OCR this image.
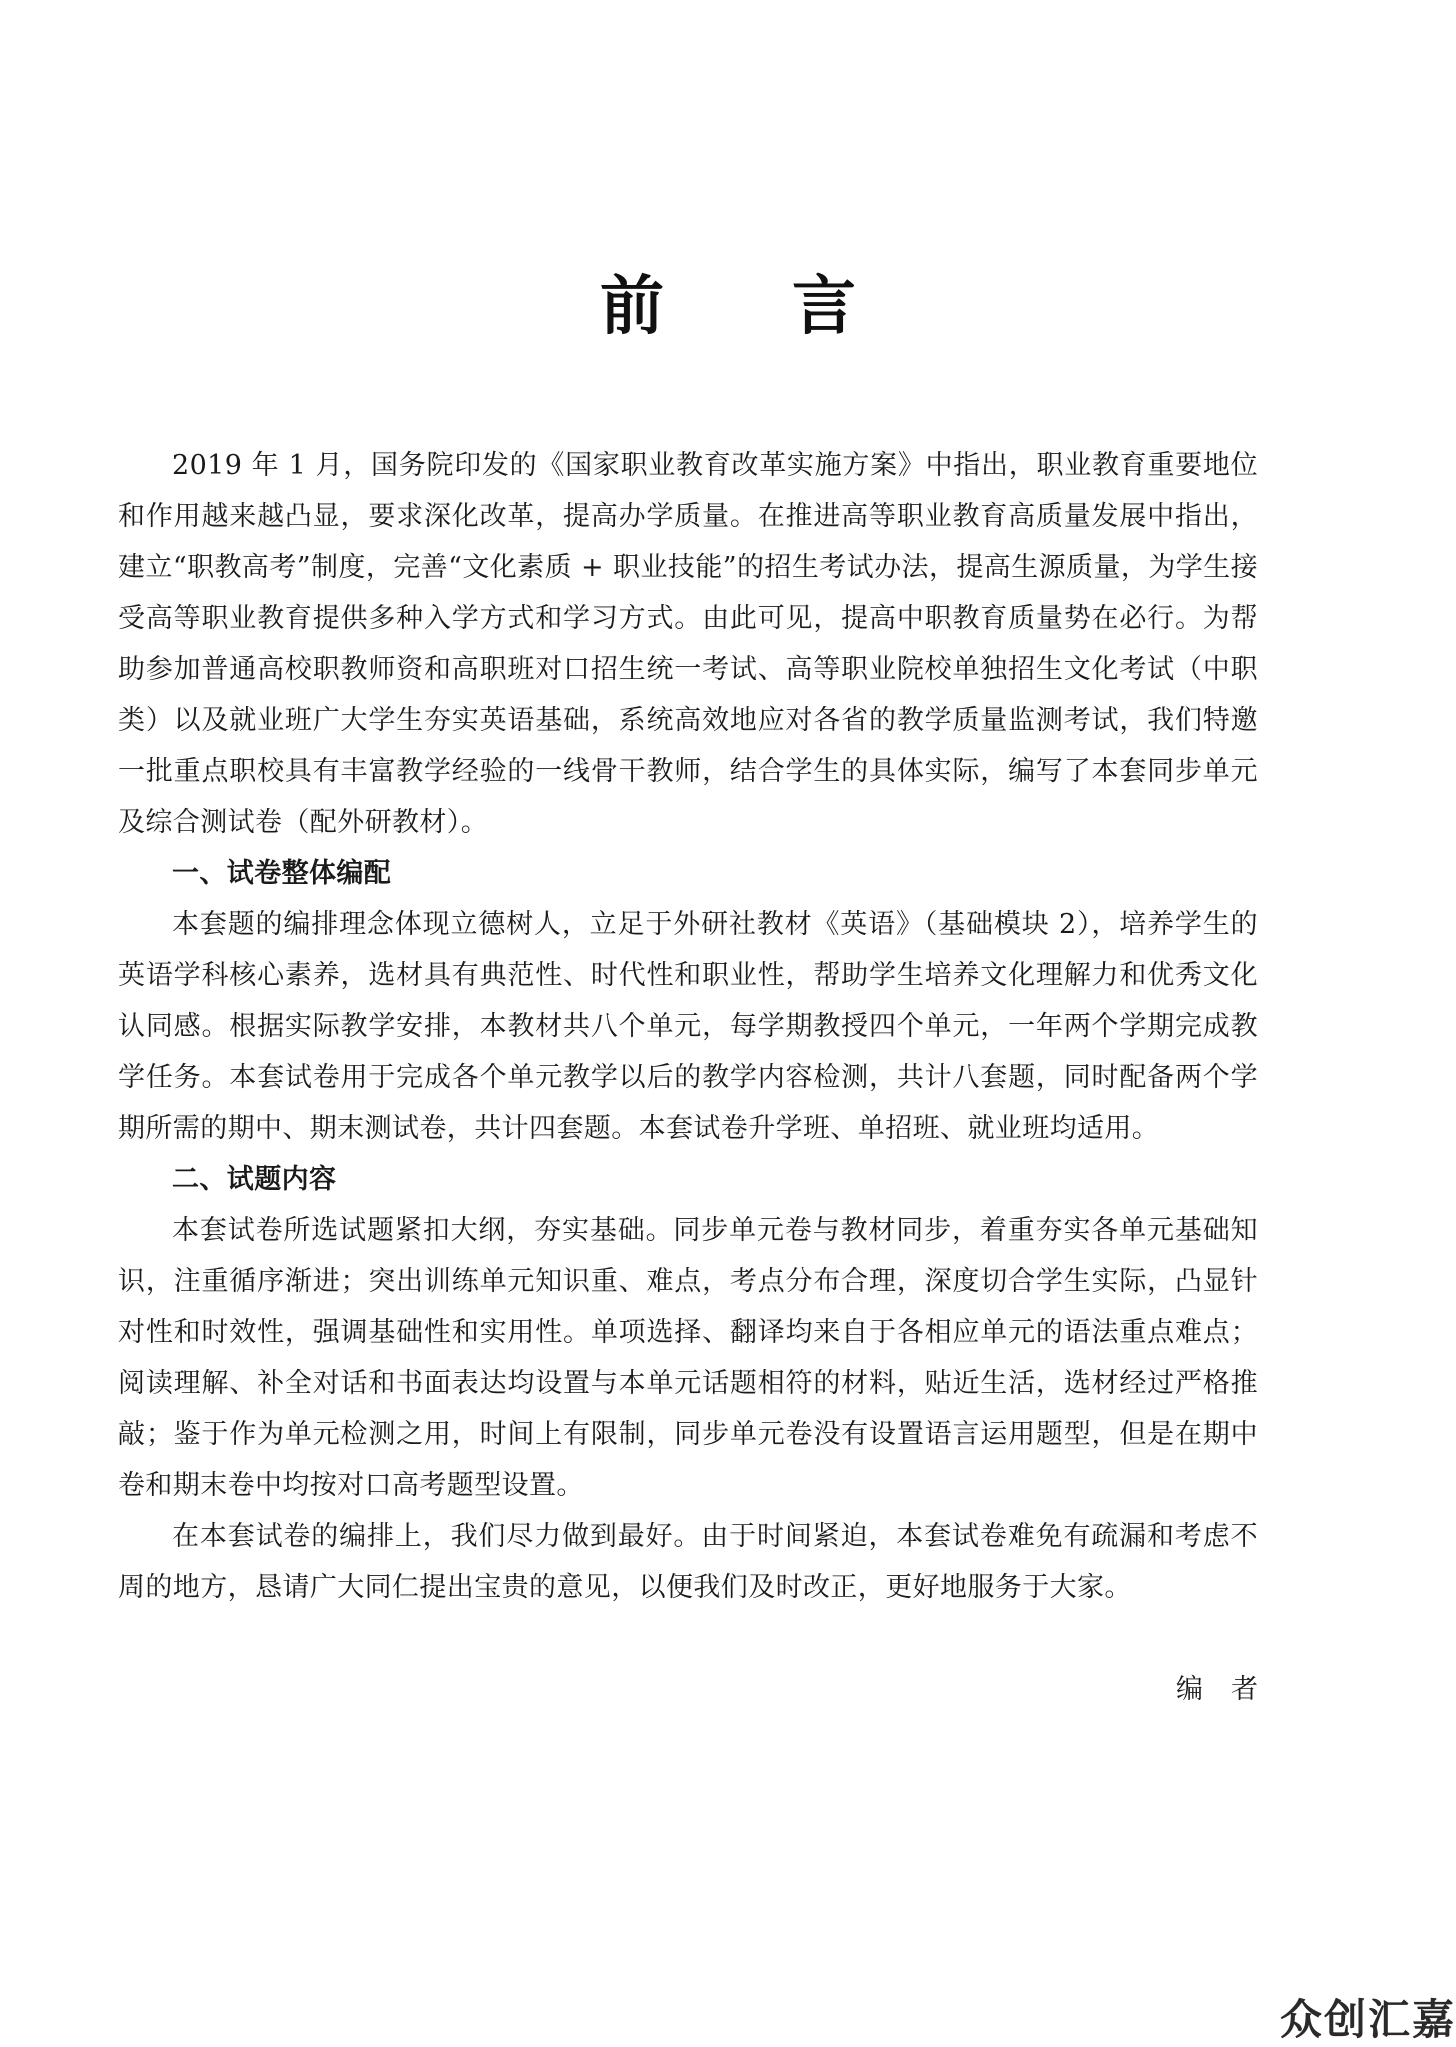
前言

2019 年 1 月，国务院印发的《国家职业教育改革实施方案》中指出，职业教育重要地位和作用越来越凸显，要求深化改革，提高办学质量。在推进高等职业教育高质量发展中指出，建立“职教高考”制度，完善“文化素质 + 职业技能”的招生考试办法，提高生源质量，为学生接受高等职业教育提供多种入学方式和学习方式。由此可见，提高中职教育质量势在必行。为帮助参加普通高校职教师资和高职班对口招生统一考试、高等职业院校单独招生文化考试（中职类）以及就业班广大学生夯实英语基础，系统高效地应对各省的教学质量监测考试，我们特邀一批重点职校具有丰富教学经验的一线骨干教师，结合学生的具体实际，编写了本套同步单元及综合测试卷（配外研教材）。

一、试卷整体编配

本套题的编排理念体现立德树人，立足于外研社教材《英语》（基础模块 2），培养学生的英语学科核心素养，选材具有典范性、时代性和职业性，帮助学生培养文化理解力和优秀文化认同感。根据实际教学安排，本教材共八个单元，每学期教授四个单元，一年两个学期完成教学任务。本套试卷用于完成各个单元教学以后的教学内容检测，共计八套题，同时配备两个学期所需的期中、期末测试卷，共计四套题。本套试卷升学班、单招班、就业班均适用。

二、试题内容

本套试卷所选试题紧扣大纲，夯实基础。同步单元卷与教材同步，着重夯实各单元基础知识，注重循序渐进；突出训练单元知识重、难点，考点分布合理，深度切合学生实际，凸显针对性和时效性，强调基础性和实用性。单项选择、翻译均来自于各相应单元的语法重点难点；阅读理解、补全对话和书面表达均设置与本单元话题相符的材料，贴近生活，选材经过严格推敲；鉴于作为单元检测之用，时间上有限制，同步单元卷没有设置语言运用题型，但是在期中卷和期末卷中均按对口高考题型设置。

在本套试卷的编排上，我们尽力做到最好。由于时间紧迫，本套试卷难免有疏漏和考虑不周的地方，恳请广大同仁提出宝贵的意见，以便我们及时改正，更好地服务于大家。

编者
众创汇嘉
